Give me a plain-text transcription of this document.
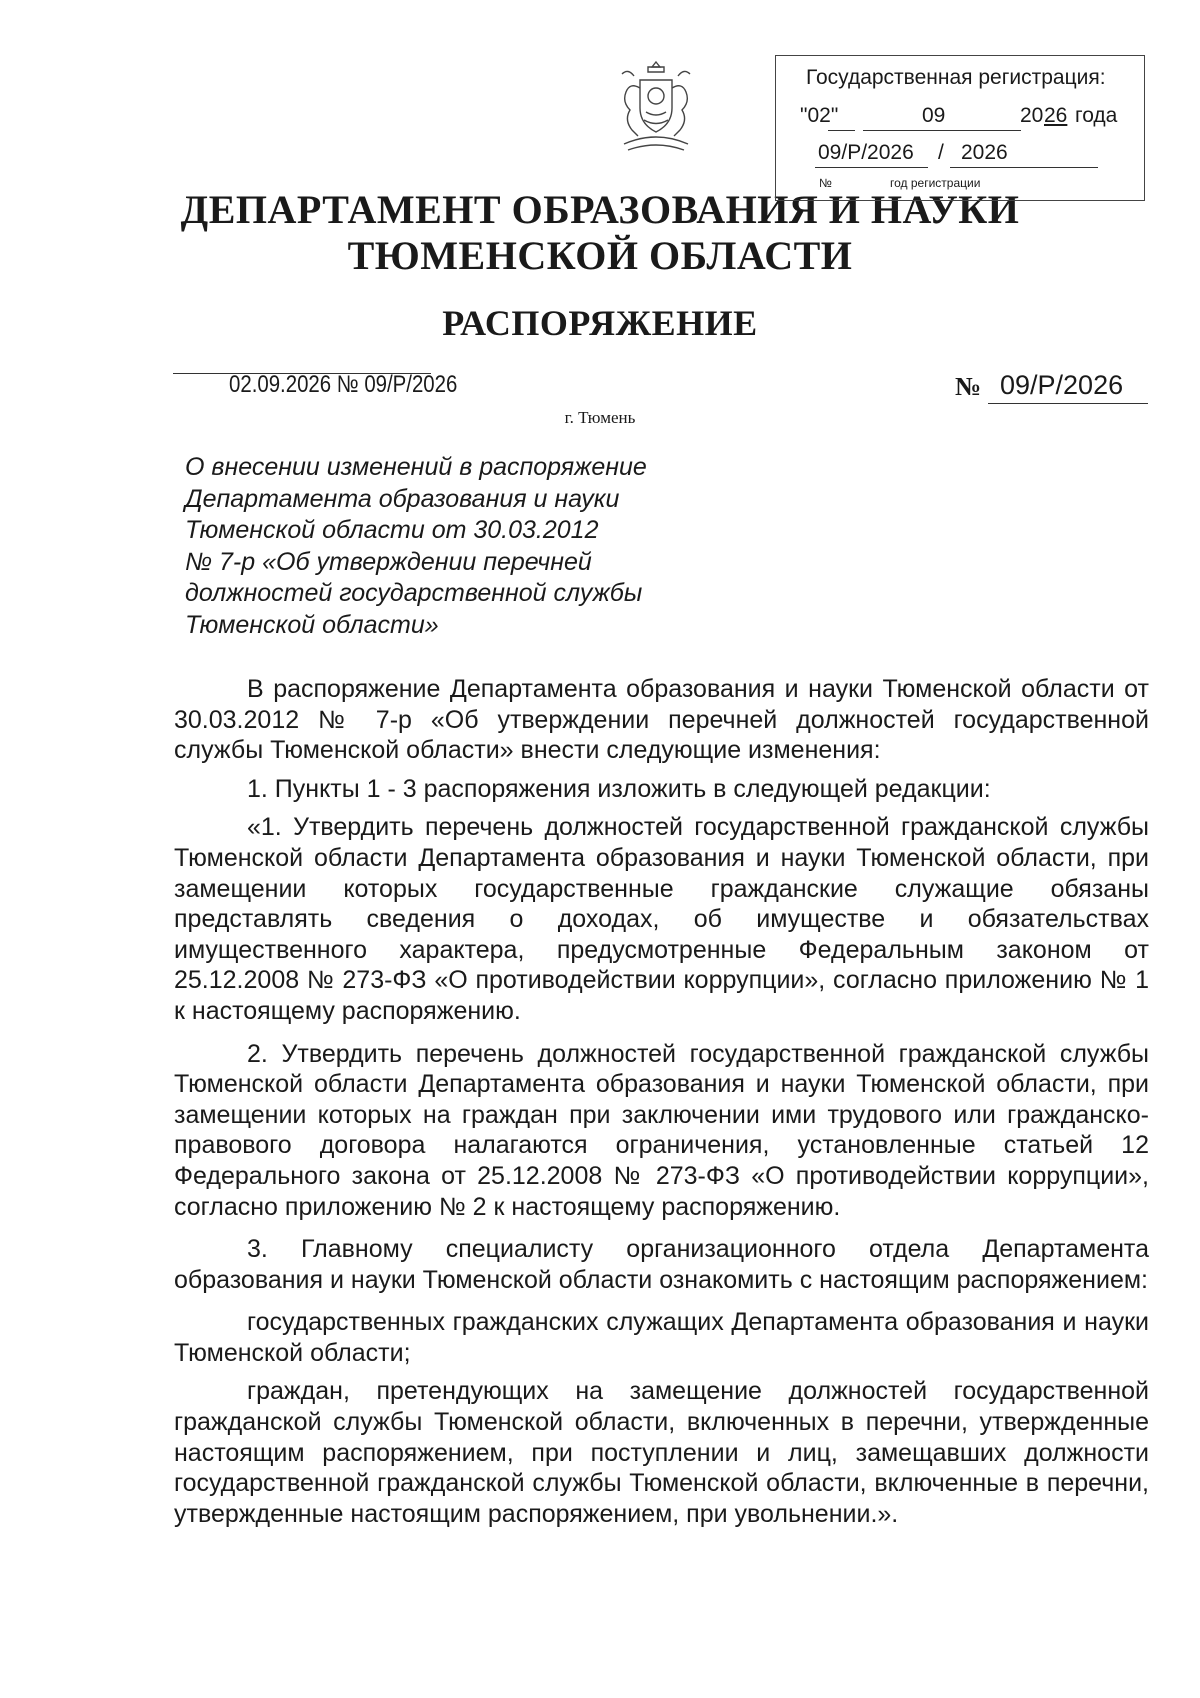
Государственная регистрация:
"02"	09	20 26 года
09/P/2026 / 2026
№	год регистрации
ДЕПАРТАМЕНТ ОБРАЗОВАНИЯ И НАУКИ
ТЮМЕНСКОЙ ОБЛАСТИ
РАСПОРЯЖЕНИЕ
02.09.2026 № 09/P/2026	№ 09/P/2026
г. Тюмень
О внесении изменений в распоряжение
Департамента образования и науки
Тюменской области от 30.03.2012
№ 7-р «Об утверждении перечней
должностей государственной службы
Тюменской области»

В распоряжение Департамента образования и науки Тюменской области от 30.03.2012 № 7-р «Об утверждении перечней должностей государственной службы Тюменской области» внести следующие изменения:

1. Пункты 1 - 3 распоряжения изложить в следующей редакции:

«1. Утвердить перечень должностей государственной гражданской службы Тюменской области Департамента образования и науки Тюменской области, при замещении которых государственные гражданские служащие обязаны представлять сведения о доходах, об имуществе и обязательствах имущественного характера, предусмотренные Федеральным законом от 25.12.2008 № 273-ФЗ «О противодействии коррупции», согласно приложению № 1 к настоящему распоряжению.

2. Утвердить перечень должностей государственной гражданской службы Тюменской области Департамента образования и науки Тюменской области, при замещении которых на граждан при заключении ими трудового или гражданско-правового договора налагаются ограничения, установленные статьей 12 Федерального закона от 25.12.2008 № 273-ФЗ «О противодействии коррупции», согласно приложению № 2 к настоящему распоряжению.

3. Главному специалисту организационного отдела Департамента образования и науки Тюменской области ознакомить с настоящим распоряжением:

государственных гражданских служащих Департамента образования и науки Тюменской области;

граждан, претендующих на замещение должностей государственной гражданской службы Тюменской области, включенных в перечни, утвержденные настоящим распоряжением, при поступлении и лиц, замещавших должности государственной гражданской службы Тюменской области, включенные в перечни, утвержденные настоящим распоряжением, при увольнении.».
